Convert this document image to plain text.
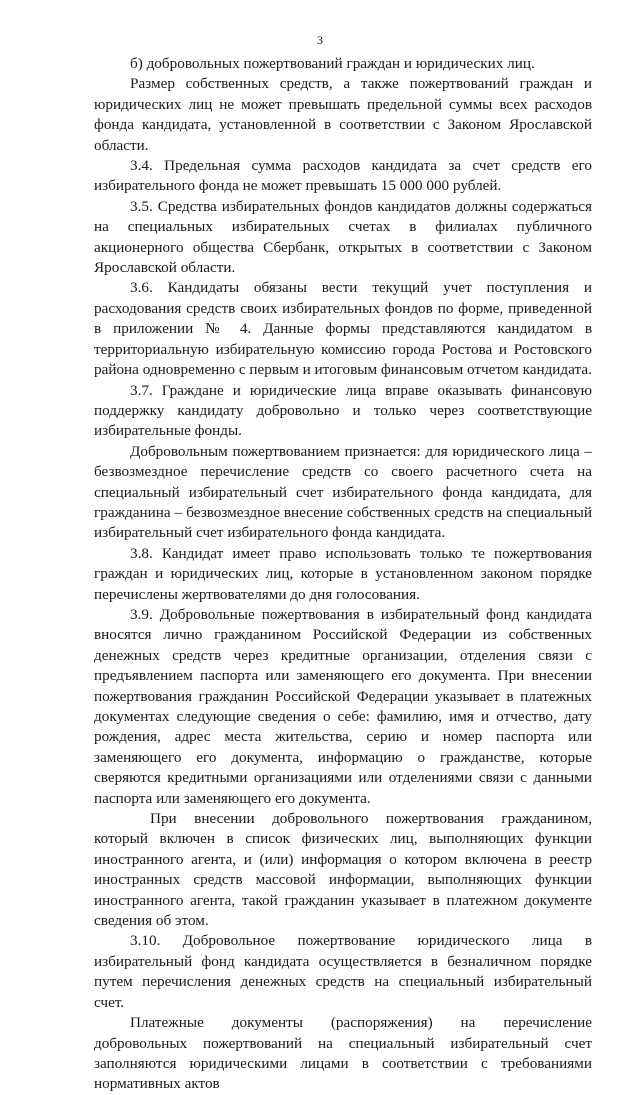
3

б) добровольных пожертвований граждан и юридических лиц.

Размер собственных средств, а также пожертвований граждан и юридических лиц не может превышать предельной суммы всех расходов фонда кандидата, установленной в соответствии с Законом Ярославской области.

3.4. Предельная сумма расходов кандидата за счет средств его избирательного фонда не может превышать 15 000 000 рублей.

3.5. Средства избирательных фондов кандидатов должны содержаться на специальных избирательных счетах в филиалах публичного акционерного общества Сбербанк, открытых в соответствии с Законом Ярославской области.

3.6. Кандидаты обязаны вести текущий учет поступления и расходования средств своих избирательных фондов по форме, приведенной в приложении № 4. Данные формы представляются кандидатом в территориальную избирательную комиссию города Ростова и Ростовского района одновременно с первым и итоговым финансовым отчетом кандидата.

3.7. Граждане и юридические лица вправе оказывать финансовую поддержку кандидату добровольно и только через соответствующие избирательные фонды.

Добровольным пожертвованием признается: для юридического лица – безвозмездное перечисление средств со своего расчетного счета на специальный избирательный счет избирательного фонда кандидата, для гражданина – безвозмездное внесение собственных средств на специальный избирательный счет избирательного фонда кандидата.

3.8. Кандидат имеет право использовать только те пожертвования граждан и юридических лиц, которые в установленном законом порядке перечислены жертвователями до дня голосования.

3.9. Добровольные пожертвования в избирательный фонд кандидата вносятся лично гражданином Российской Федерации из собственных денежных средств через кредитные организации, отделения связи с предъявлением паспорта или заменяющего его документа. При внесении пожертвования гражданин Российской Федерации указывает в платежных документах следующие сведения о себе: фамилию, имя и отчество, дату рождения, адрес места жительства, серию и номер паспорта или заменяющего его документа, информацию о гражданстве, которые сверяются кредитными организациями или отделениями связи с данными паспорта или заменяющего его документа.

При внесении добровольного пожертвования гражданином, который включен в список физических лиц, выполняющих функции иностранного агента, и (или) информация о котором включена в реестр иностранных средств массовой информации, выполняющих функции иностранного агента, такой гражданин указывает в платежном документе сведения об этом.

3.10. Добровольное пожертвование юридического лица в избирательный фонд кандидата осуществляется в безналичном порядке путем перечисления денежных средств на специальный избирательный счет.

Платежные документы (распоряжения) на перечисление добровольных пожертвований на специальный избирательный счет заполняются юридическими лицами в соответствии с требованиями нормативных актов
